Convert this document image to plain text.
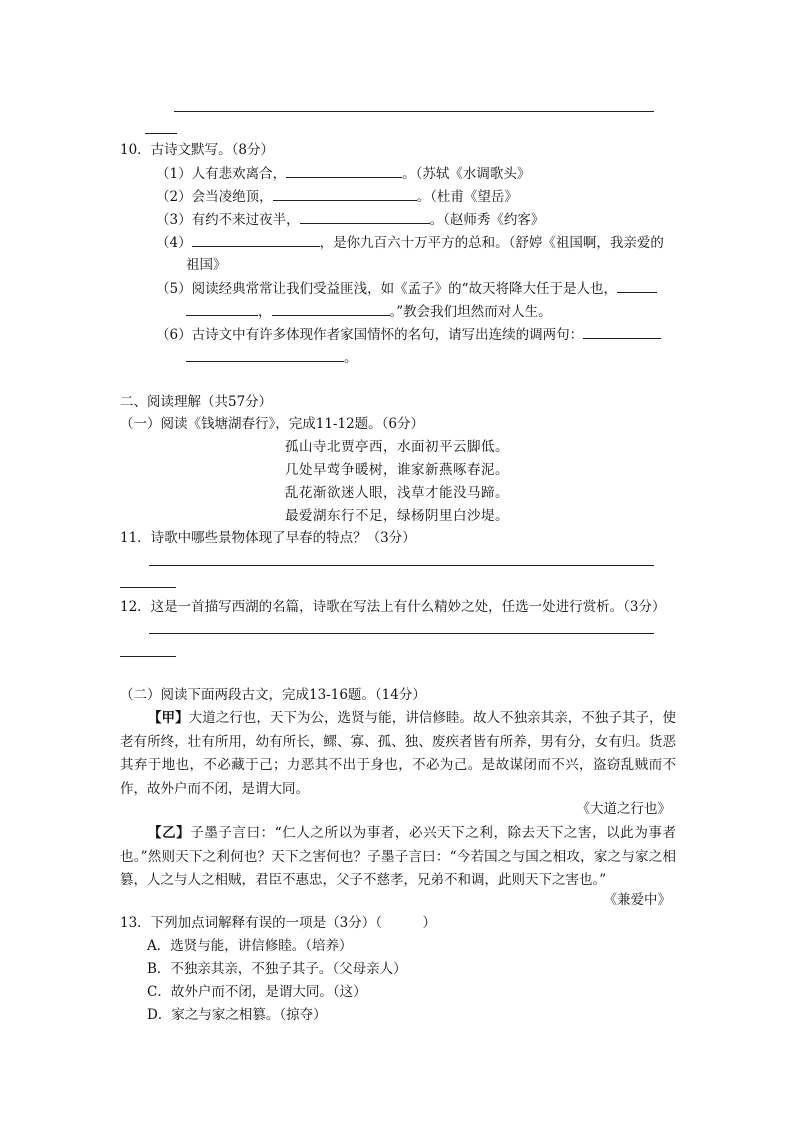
10．古诗文默写。（8分）
（1）人有悲欢离合，	。（苏轼《水调歌头》
（2）会当凌绝顶，	。（杜甫《望岳》
（3）有约不来过夜半，	。（赵师秀《约客》
（4）	，是你九百六十万平方的总和。（舒婷《祖国啊，我亲爱的
祖国》
（5）阅读经典常常让我们受益匪浅，如《孟子》的“故天将降大任于是人也，
，	。”教会我们坦然而对人生。
（6）古诗文中有许多体现作者家国情怀的名句，请写出连续的调两句：
。
二、阅读理解（共57分）
（一）阅读《钱塘湖春行》，完成11-12题。（6分）
孤山寺北贾亭西，水面初平云脚低。
几处早莺争暖树，谁家新燕啄春泥。
乱花渐欲迷人眼，浅草才能没马蹄。
最爱湖东行不足，绿杨阴里白沙堤。
11．诗歌中哪些景物体现了早春的特点？（3分）
12．这是一首描写西湖的名篇，诗歌在写法上有什么精妙之处，任选一处进行赏析。（3分）
（二）阅读下面两段古文，完成13-16题。（14分）

【甲】大道之行也，天下为公，选贤与能，讲信修睦。故人不独亲其亲，不独子其子，使老有所终，壮有所用，幼有所长，鳏、寡、孤、独、废疾者皆有所养，男有分，女有归。货恶其弃于地也，不必藏于己；力恶其不出于身也，不必为己。是故谋闭而不兴，盗窃乱贼而不作，故外户而不闭，是谓大同。

《大道之行也》

【乙】子墨子言曰：“仁人之所以为事者，必兴天下之利，除去天下之害，以此为事者也。”然则天下之利何也？天下之害何也？子墨子言曰：“今若国之与国之相攻，家之与家之相篡，人之与人之相贼，君臣不惠忠，父子不慈孝，兄弟不和调，此则天下之害也。”

《兼爱中》
13．下列加点词解释有误的一项是（3分）（　　　）
A．选贤与能，讲信修睦。（培养）
B．不独亲其亲，不独子其子。（父母亲人）
C．故外户而不闭，是谓大同。（这）
D．家之与家之相篡。（掠夺）
